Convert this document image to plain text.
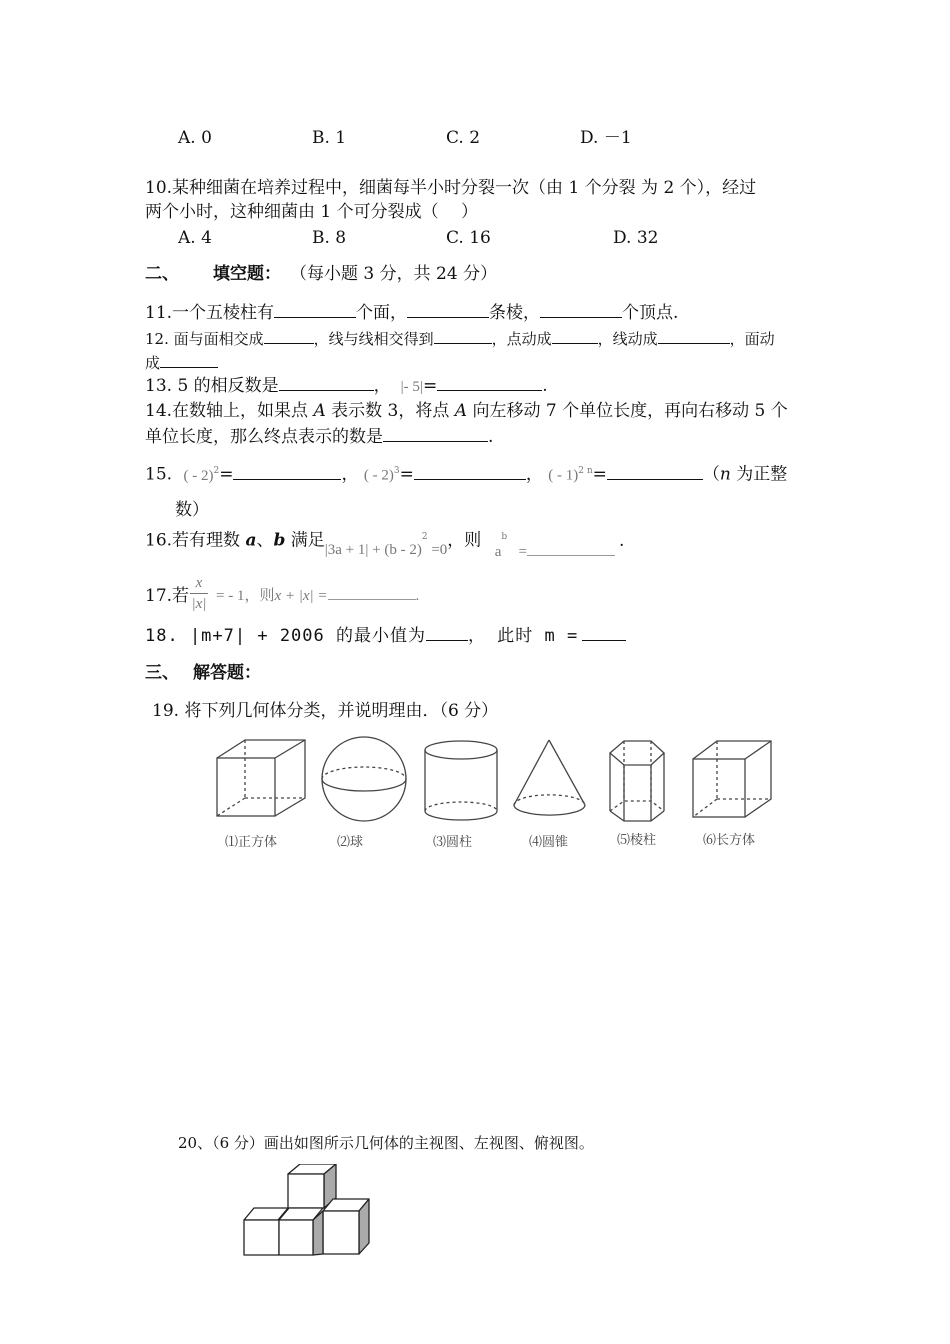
A. 0	B. 1	C. 2	D. －1
10.某种细菌在培养过程中，细菌每半小时分裂一次（由 1 个分裂 为 2 个），经过
两个小时，这种细菌由 1 个可分裂成（　 ）
A. 4	B. 8	C. 16	D. 32
二、 填空题： （每小题 3 分，共 24 分）
11.一个五棱柱有	个面，	条棱，	个顶点.
12. 面与面相交成	，线与线相交得到	，点动成	，线动成	，面动
成
13. 5 的相反数是	， |- 5|=	.
14.在数轴上，如果点 A 表示数 3，将点 A 向左移动 7 个单位长度，再向右移动 5 个
单位长度，那么终点表示的数是	.
15. ( - 2)$^2$=	， ( - 2)$^3$=	， ( - 1)$^{2 n}$=	（n 为正整
数）
16.若有理数 a、b 满足|3a + 1| + (b - 2)$^2$ =0，则 $a^b$ =.
17.若
x
|x| = - 1，则x + |x| =	.
18. |m+7| + 2006 的最小值为 ， 此时 m =
三、 解答题：
19. 将下列几何体分类，并说明理由．（6 分）
⑴正方体	⑵球	⑶圆柱	⑷圆锥	⑸棱柱	⑹长方体
20、（6 分）画出如图所示几何体的主视图、左视图、俯视图。
